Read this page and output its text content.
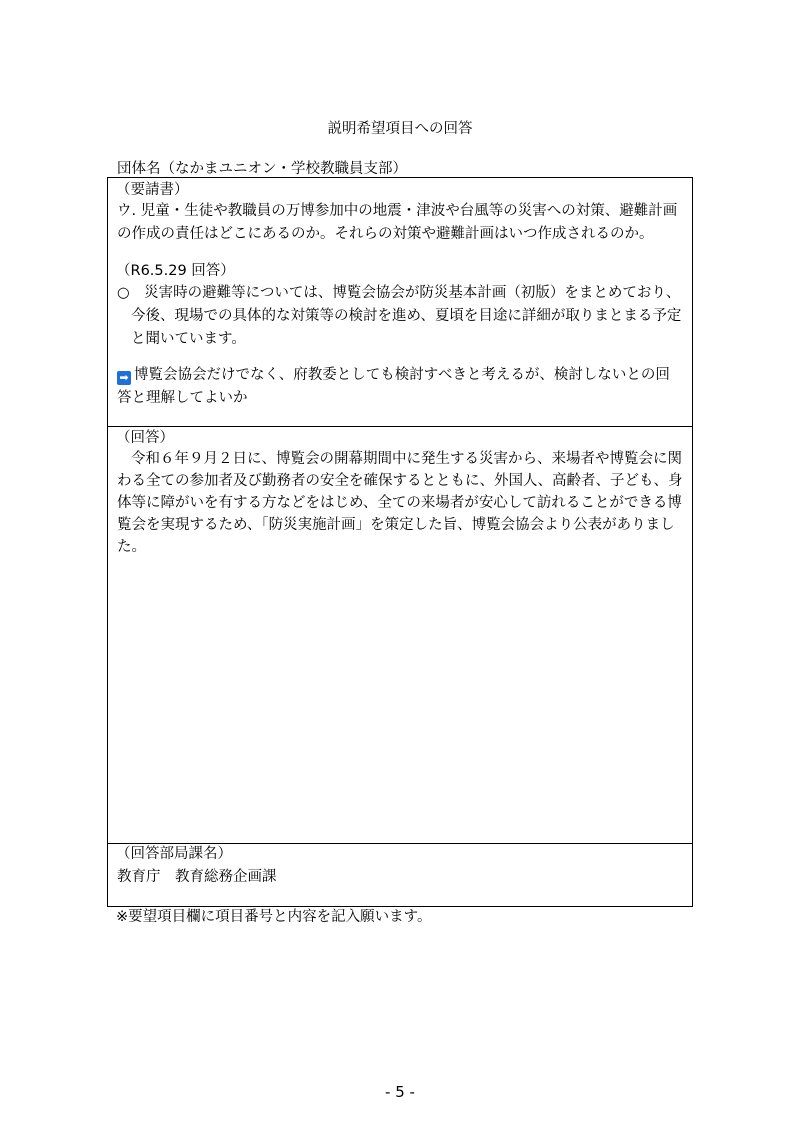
説明希望項目への回答
団体名（なかまユニオン・学校教職員支部）
（要請書）
ウ. 児童・生徒や教職員の万博参加中の地震・津波や台風等の災害への対策、避難計画
の作成の責任はどこにあるのか。それらの対策や避難計画はいつ作成されるのか。
（R6.5.29 回答）
○　災害時の避難等については、博覧会協会が防災基本計画（初版）をまとめており、
今後、現場での具体的な対策等の検討を進め、夏頃を目途に詳細が取りまとまる予定
と聞いています。
➡ 博覧会協会だけでなく、府教委としても検討すべきと考えるが、検討しないとの回
答と理解してよいか
（回答）
令和６年９月２日に、博覧会の開幕期間中に発生する災害から、来場者や博覧会に関
わる全ての参加者及び勤務者の安全を確保するとともに、外国人、高齢者、子ども、身
体等に障がいを有する方などをはじめ、全ての来場者が安心して訪れることができる博
覧会を実現するため、「防災実施計画」を策定した旨、博覧会協会より公表がありまし
た。
（回答部局課名）
教育庁　教育総務企画課
※要望項目欄に項目番号と内容を記入願います。
- 5 -
